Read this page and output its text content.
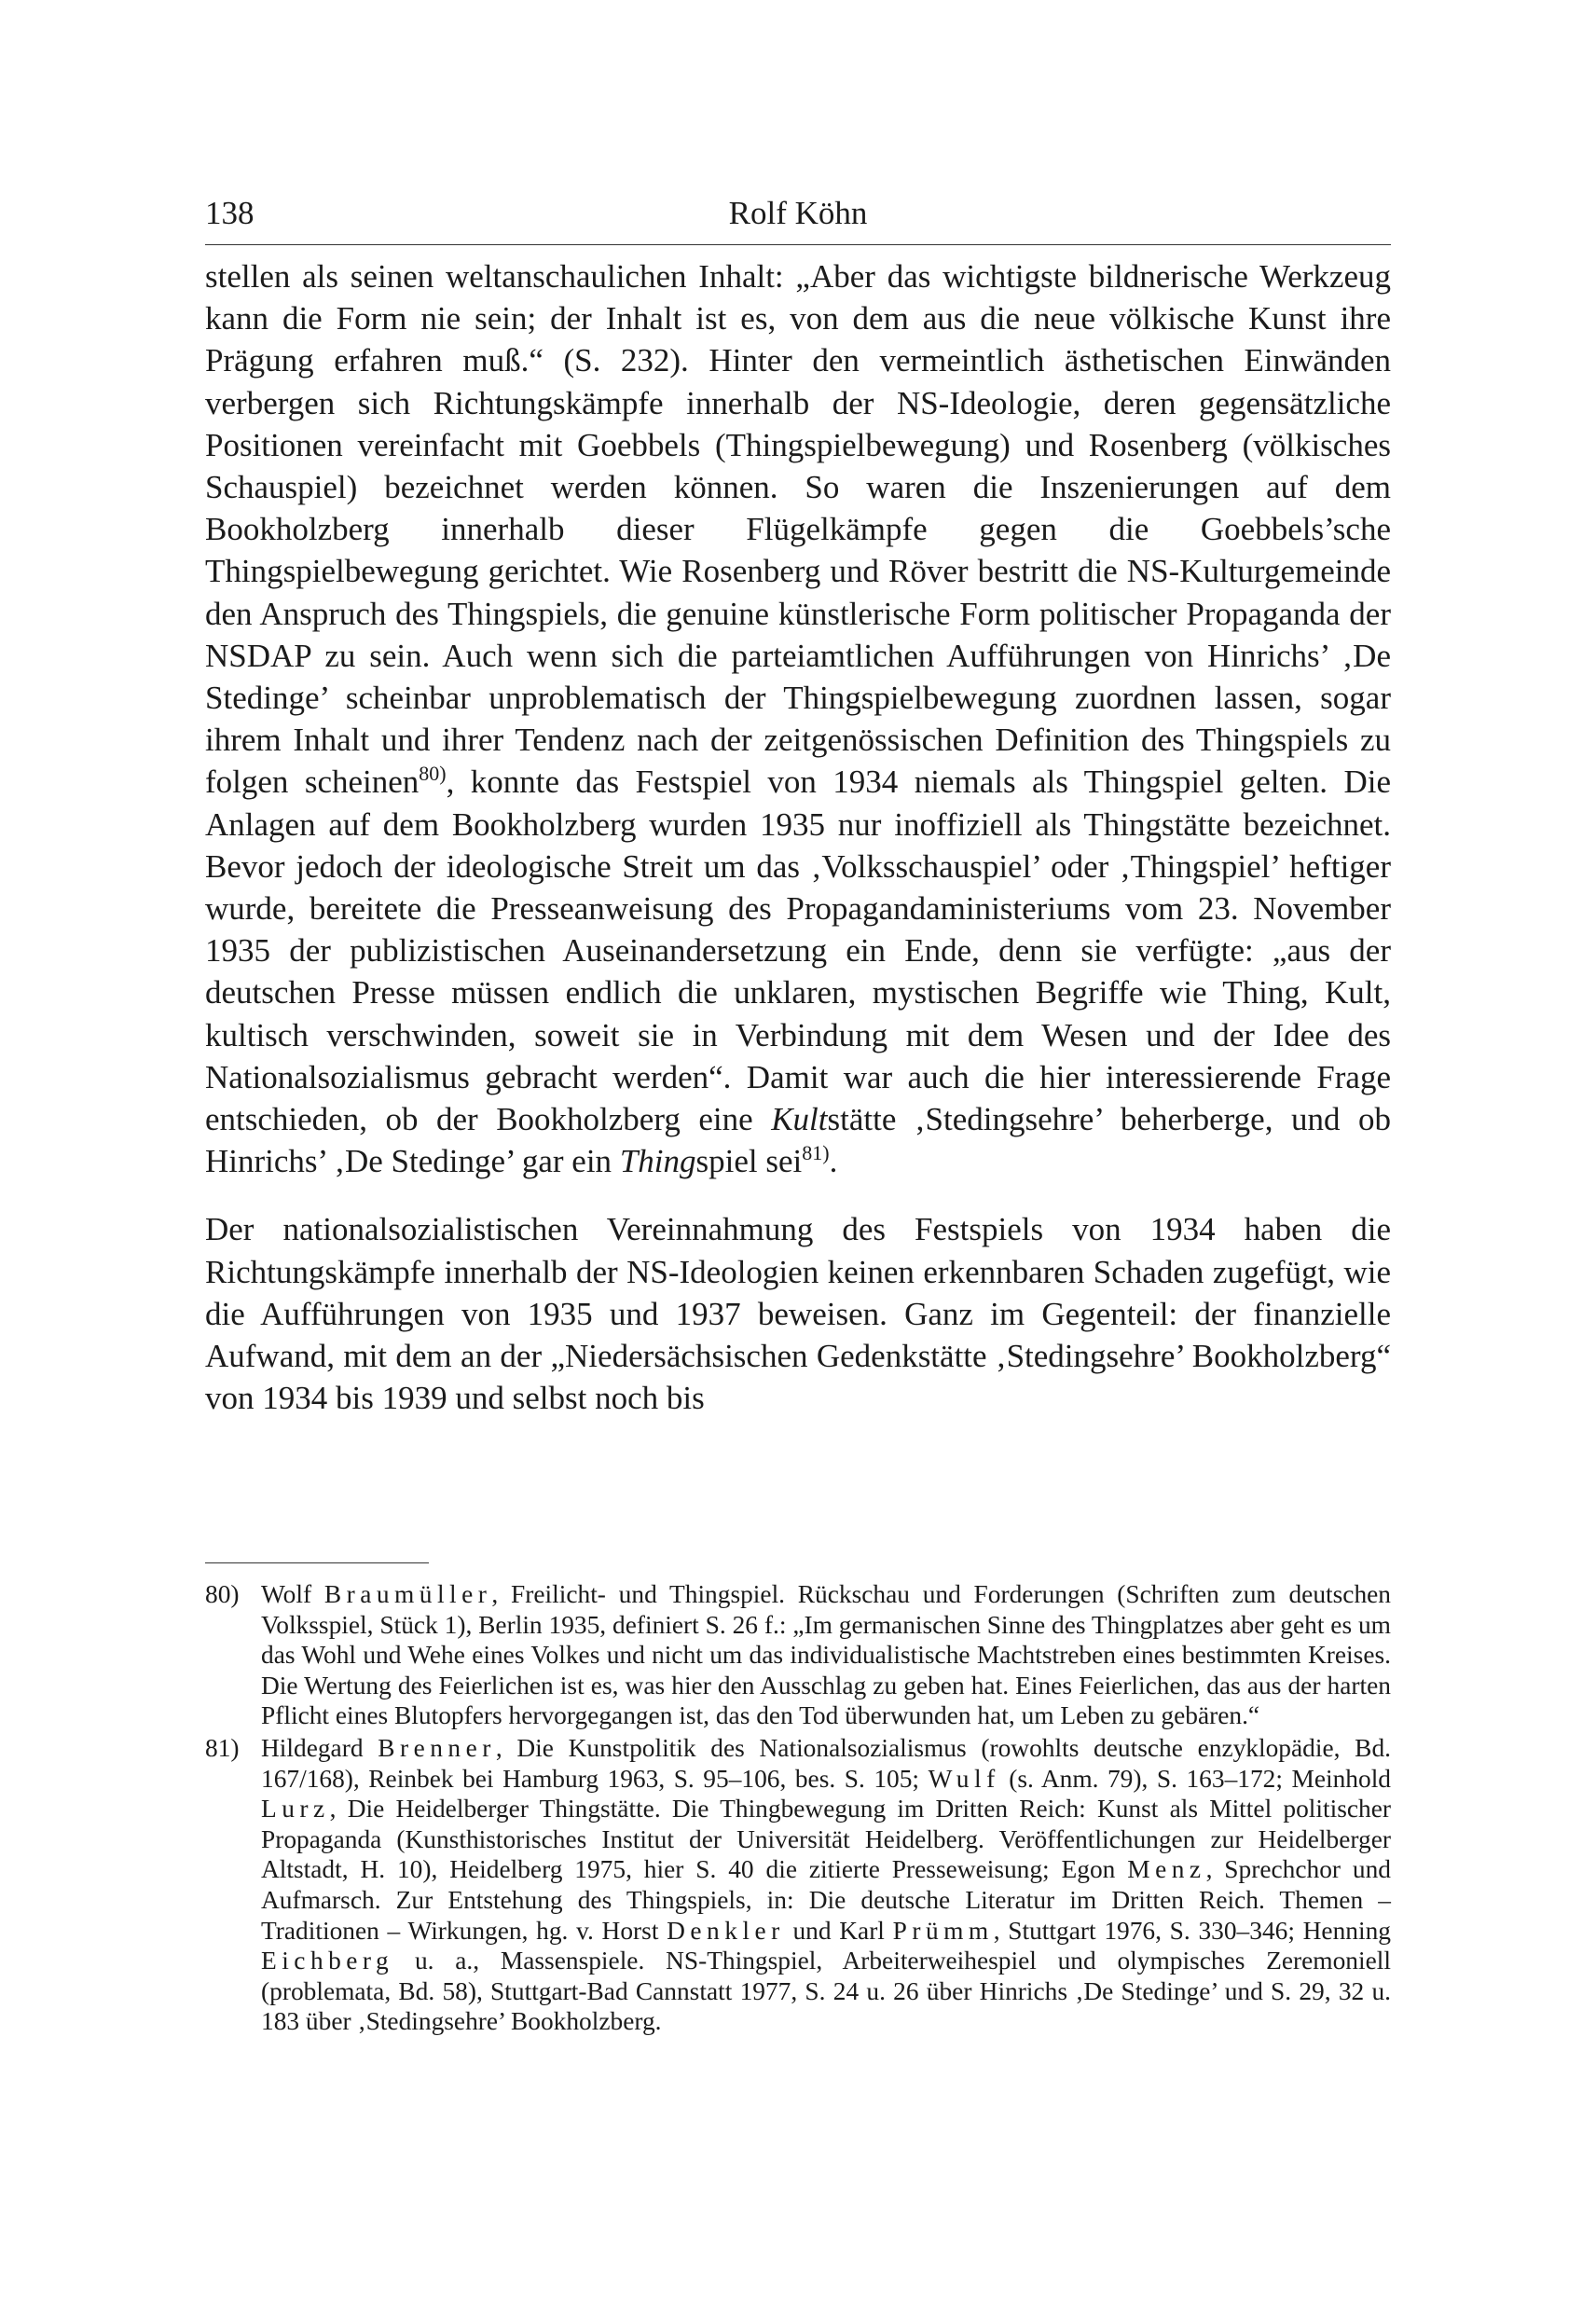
138	Rolf Köhn

stellen als seinen weltanschaulichen Inhalt: „Aber das wichtigste bildnerische Werkzeug kann die Form nie sein; der Inhalt ist es, von dem aus die neue völkische Kunst ihre Prägung erfahren muß.“ (S. 232). Hinter den vermeintlich ästhetischen Einwänden verbergen sich Richtungskämpfe innerhalb der NS-Ideologie, deren gegensätzliche Positionen vereinfacht mit Goebbels (Thingspielbewegung) und Rosenberg (völkisches Schauspiel) bezeichnet werden können. So waren die Inszenierungen auf dem Bookholzberg innerhalb dieser Flügelkämpfe gegen die Goebbels’sche Thingspielbewegung gerichtet. Wie Rosenberg und Röver bestritt die NS-Kulturgemeinde den Anspruch des Thingspiels, die genuine künstlerische Form politischer Propaganda der NSDAP zu sein. Auch wenn sich die parteiamtlichen Aufführungen von Hinrichs’ ‚De Stedinge’ scheinbar unproblematisch der Thingspielbewegung zuordnen lassen, sogar ihrem Inhalt und ihrer Tendenz nach der zeitgenössischen Definition des Thingspiels zu folgen scheinen$^{80)}$, konnte das Festspiel von 1934 niemals als Thingspiel gelten. Die Anlagen auf dem Bookholzberg wurden 1935 nur inoffiziell als Thingstätte bezeichnet. Bevor jedoch der ideologische Streit um das ‚Volksschauspiel’ oder ‚Thingspiel’ heftiger wurde, bereitete die Presseanweisung des Propagandaministeriums vom 23. November 1935 der publizistischen Auseinandersetzung ein Ende, denn sie verfügte: „aus der deutschen Presse müssen endlich die unklaren, mystischen Begriffe wie Thing, Kult, kultisch verschwinden, soweit sie in Verbindung mit dem Wesen und der Idee des Nationalsozialismus gebracht werden“. Damit war auch die hier interessierende Frage entschieden, ob der Bookholzberg eine Kultstätte ‚Stedingsehre’ beherberge, und ob Hinrichs’ ‚De Stedinge’ gar ein Thingspiel sei$^{81)}$.

Der nationalsozialistischen Vereinnahmung des Festspiels von 1934 haben die Richtungskämpfe innerhalb der NS-Ideologien keinen erkennbaren Schaden zugefügt, wie die Aufführungen von 1935 und 1937 beweisen. Ganz im Gegenteil: der finanzielle Aufwand, mit dem an der „Niedersächsischen Gedenkstätte ‚Stedingsehre’ Bookholzberg“ von 1934 bis 1939 und selbst noch bis

80) Wolf Braumüller, Freilicht- und Thingspiel. Rückschau und Forderungen (Schriften zum deutschen Volksspiel, Stück 1), Berlin 1935, definiert S. 26 f.: „Im germanischen Sinne des Thingplatzes aber geht es um das Wohl und Wehe eines Volkes und nicht um das individualistische Machtstreben eines bestimmten Kreises. Die Wertung des Feierlichen ist es, was hier den Ausschlag zu geben hat. Eines Feierlichen, das aus der harten Pflicht eines Blutopfers hervorgegangen ist, das den Tod überwunden hat, um Leben zu gebären.“
81) Hildegard Brenner, Die Kunstpolitik des Nationalsozialismus (rowohlts deutsche enzyklopädie, Bd. 167/168), Reinbek bei Hamburg 1963, S. 95–106, bes. S. 105; Wulf (s. Anm. 79), S. 163–172; Meinhold Lurz, Die Heidelberger Thingstätte. Die Thingbewegung im Dritten Reich: Kunst als Mittel politischer Propaganda (Kunsthistorisches Institut der Universität Heidelberg. Veröffentlichungen zur Heidelberger Altstadt, H. 10), Heidelberg 1975, hier S. 40 die zitierte Presseweisung; Egon Menz, Sprechchor und Aufmarsch. Zur Entstehung des Thingspiels, in: Die deutsche Literatur im Dritten Reich. Themen – Traditionen – Wirkungen, hg. v. Horst Denkler und Karl Prümm, Stuttgart 1976, S. 330–346; Henning Eichberg u. a., Massenspiele. NS-Thingspiel, Arbeiterweihespiel und olympisches Zeremoniell (problemata, Bd. 58), Stuttgart-Bad Cannstatt 1977, S. 24 u. 26 über Hinrichs ‚De Stedinge’ und S. 29, 32 u. 183 über ‚Stedingsehre’ Bookholzberg.
